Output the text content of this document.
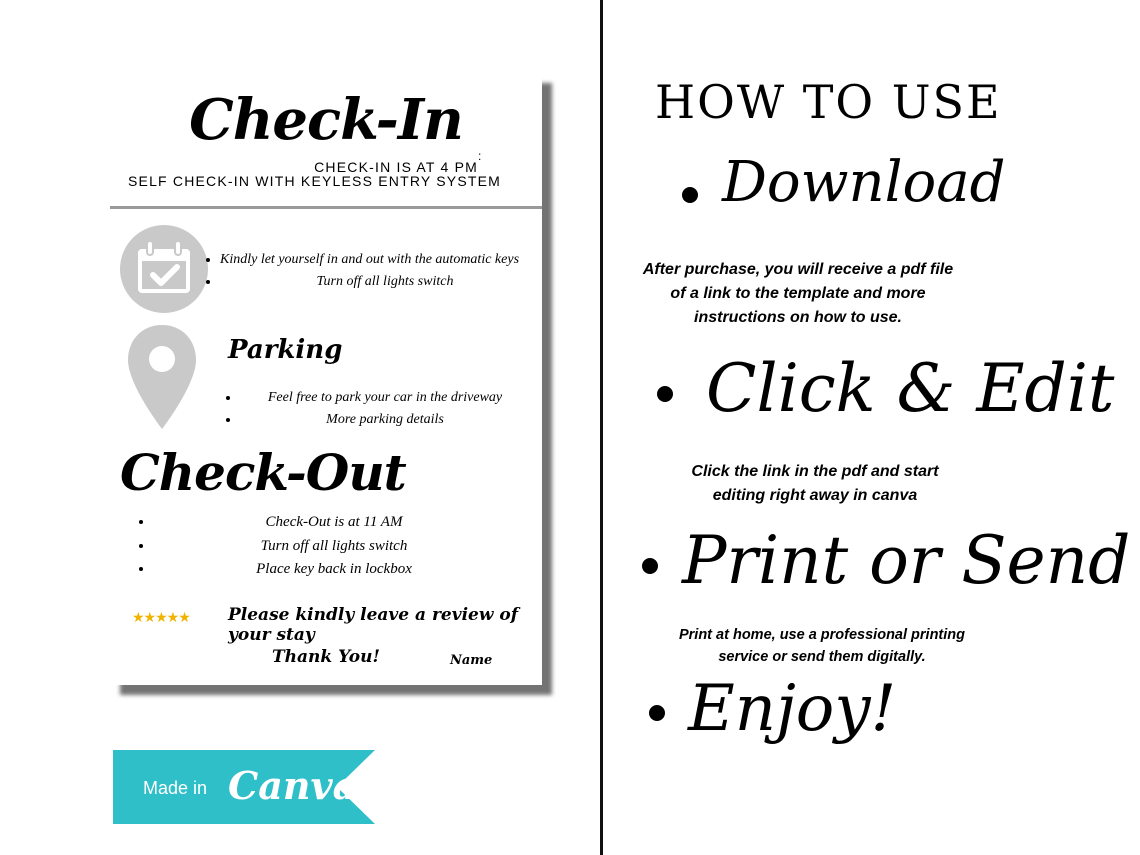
Check-In
:
CHECK-IN IS AT 4 PM
SELF CHECK-IN WITH KEYLESS ENTRY SYSTEM
• Kindly let yourself in and out with the automatic keys
• Turn off all lights switch
Parking
• Feel free to park your car in the driveway
• More parking details
Check-Out
• Check-Out is at 11 AM
• Turn off all lights switch
• Place key back in lockbox
★★★★★ Please kindly leave a review of your stay
Thank You!	Name
Made in Canva
HOW TO USE
Download
After purchase, you will receive a pdf file
of a link to the template and more
instructions on how to use.
Click & Edit
Click the link in the pdf and start
editing right away in canva
Print or Send
Print at home, use a professional printing
service or send them digitally.
Enjoy!
